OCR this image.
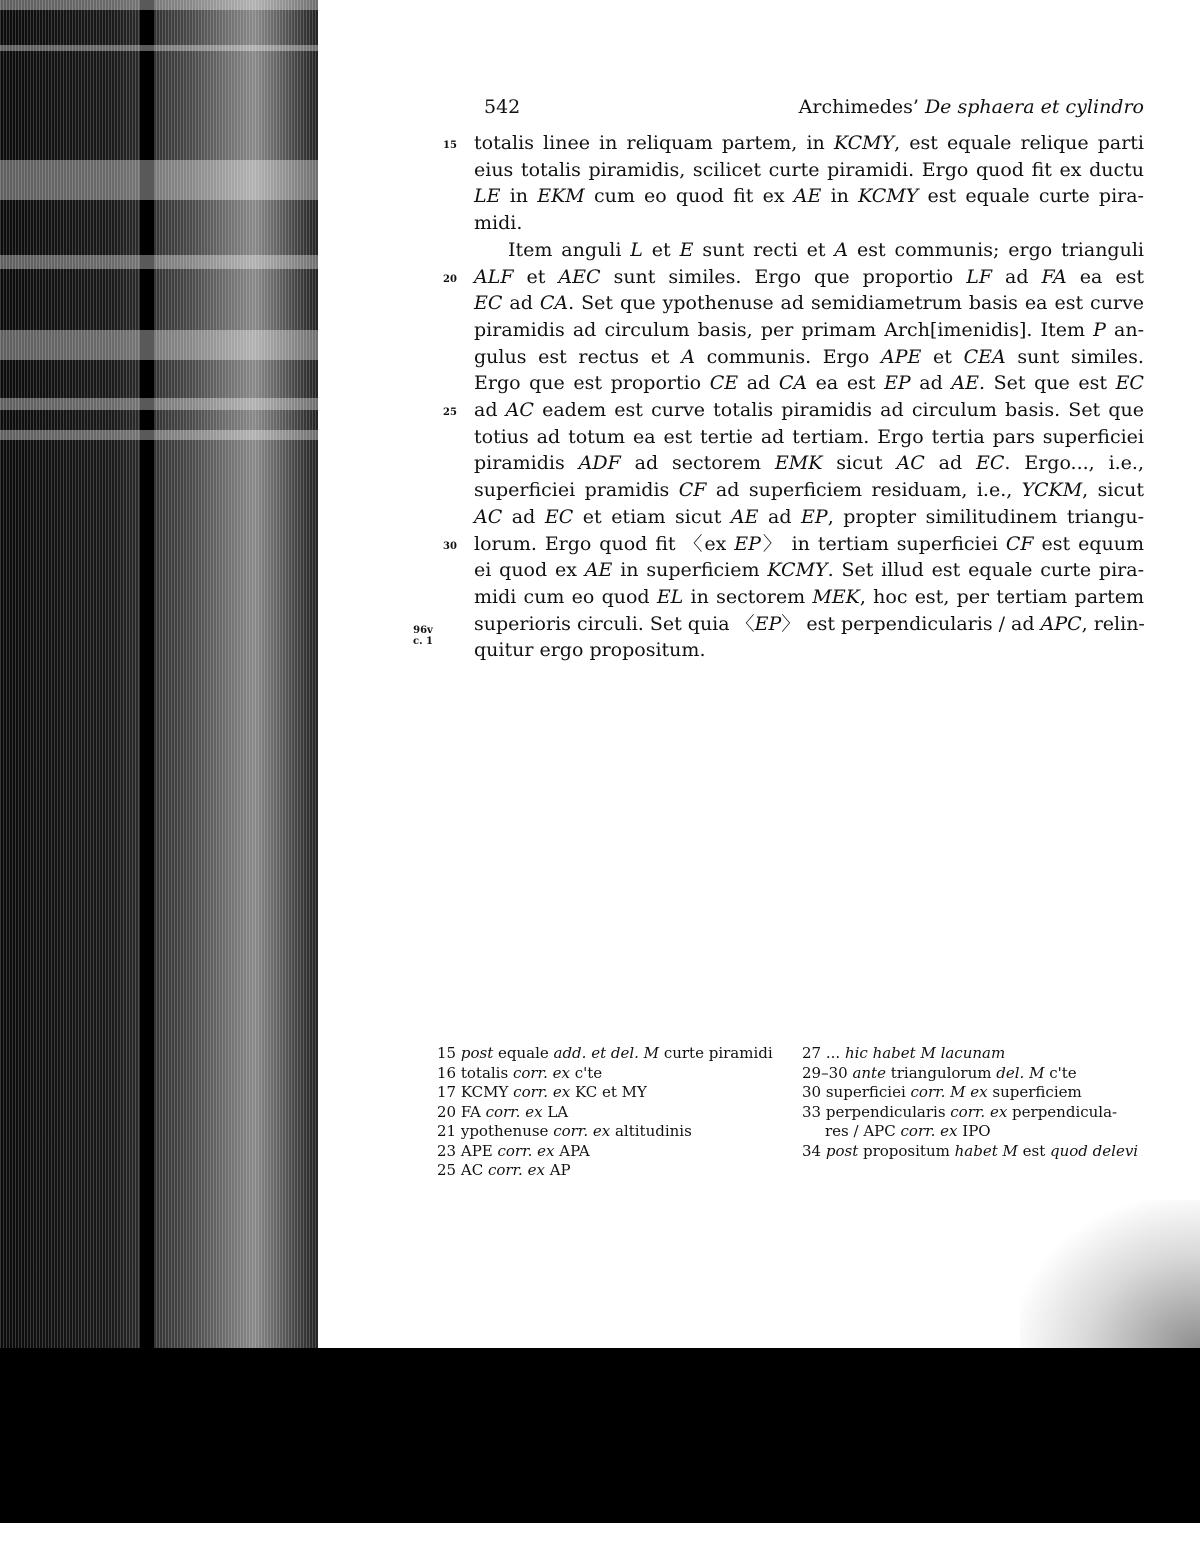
542	Archimedes’ De sphaera et cylindro
15
20
25
30
96v
c. 1
totalis linee in reliquam partem, in KCMY, est equale relique parti
eius totalis piramidis, scilicet curte piramidi. Ergo quod fit ex ductu
LE in EKM cum eo quod fit ex AE in KCMY est equale curte pira-
midi.
Item anguli L et E sunt recti et A est communis; ergo trianguli
ALF et AEC sunt similes. Ergo que proportio LF ad FA ea est
EC ad CA. Set que ypothenuse ad semidiametrum basis ea est curve
piramidis ad circulum basis, per primam Arch[imenidis]. Item P an-
gulus est rectus et A communis. Ergo APE et CEA sunt similes.
Ergo que est proportio CE ad CA ea est EP ad AE. Set que est EC
ad AC eadem est curve totalis piramidis ad circulum basis. Set que
totius ad totum ea est tertie ad tertiam. Ergo tertia pars superficiei
piramidis ADF ad sectorem EMK sicut AC ad EC. Ergo..., i.e.,
superficiei pramidis CF ad superficiem residuam, i.e., YCKM, sicut
AC ad EC et etiam sicut AE ad EP, propter similitudinem triangu-
lorum. Ergo quod fit 〈ex EP〉 in tertiam superficiei CF est equum
ei quod ex AE in superficiem KCMY. Set illud est equale curte pira-
midi cum eo quod EL in sectorem MEK, hoc est, per tertiam partem
superioris circuli. Set quia 〈EP〉 est perpendicularis / ad APC, relin-
quitur ergo propositum.
15 post equale add. et del. M curte piramidi
16 totalis corr. ex c'te
17 KCMY corr. ex KC et MY
20 FA corr. ex LA
21 ypothenuse corr. ex altitudinis
23 APE corr. ex APA
25 AC corr. ex AP
27 ... hic habet M lacunam
29–30 ante triangulorum del. M c'te
30 superficiei corr. M ex superficiem
33 perpendicularis corr. ex perpendicula-
res / APC corr. ex IPO
34 post propositum habet M est quod delevi
